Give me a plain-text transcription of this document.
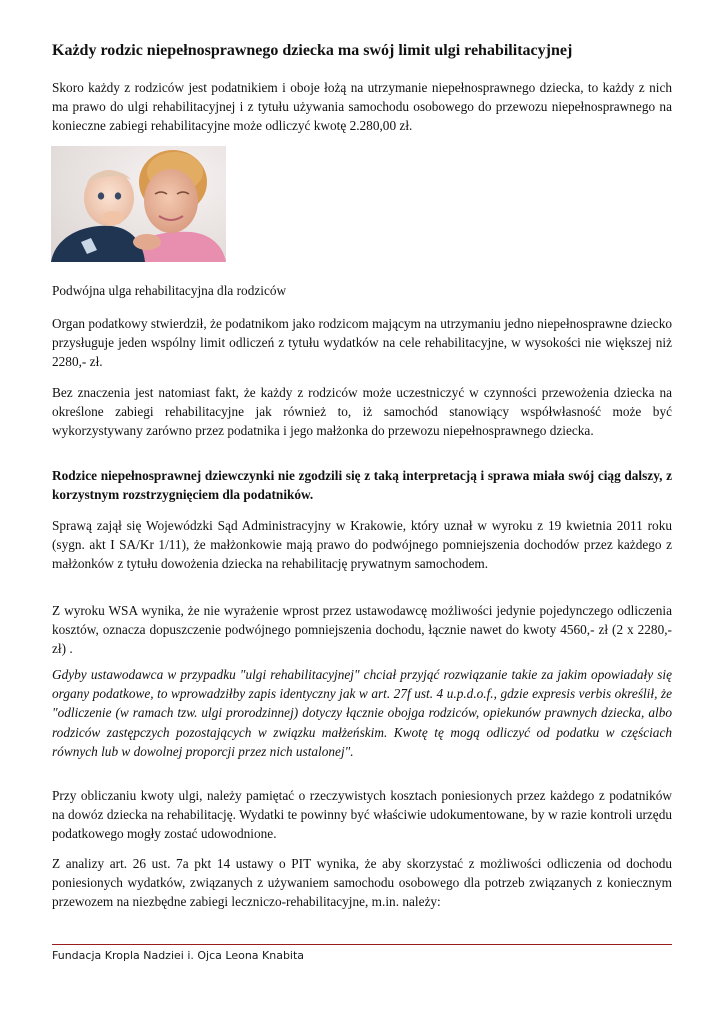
Każdy rodzic niepełnosprawnego dziecka ma swój limit ulgi rehabilitacyjnej

Skoro każdy z rodziców jest podatnikiem i oboje łożą na utrzymanie niepełnosprawnego dziecka, to każdy z nich ma prawo do ulgi rehabilitacyjnej i z tytułu używania samochodu osobowego do przewozu niepełnosprawnego na konieczne zabiegi rehabilitacyjne może odliczyć kwotę 2.280,00 zł.

Podwójna ulga rehabilitacyjna dla rodziców

Organ podatkowy stwierdził, że podatnikom jako rodzicom mającym na utrzymaniu jedno niepełnosprawne dziecko przysługuje jeden wspólny limit odliczeń z tytułu wydatków na cele rehabilitacyjne, w wysokości nie większej niż 2280,- zł.

Bez znaczenia jest natomiast fakt, że każdy z rodziców może uczestniczyć w czynności przewożenia dziecka na określone zabiegi rehabilitacyjne jak również to, iż samochód stanowiący współwłasność może być wykorzystywany zarówno przez podatnika i jego małżonka do przewozu niepełnosprawnego dziecka.

Rodzice niepełnosprawnej dziewczynki nie zgodzili się z taką interpretacją i sprawa miała swój ciąg dalszy, z korzystnym rozstrzygnięciem dla podatników.

Sprawą zajął się Wojewódzki Sąd Administracyjny w Krakowie, który uznał w wyroku z 19 kwietnia 2011 roku (sygn. akt I SA/Kr 1/11), że małżonkowie mają prawo do podwójnego pomniejszenia dochodów przez każdego z małżonków z tytułu dowożenia dziecka na rehabilitację prywatnym samochodem.

Z wyroku WSA wynika, że nie wyrażenie wprost przez ustawodawcę możliwości jedynie pojedynczego odliczenia kosztów, oznacza dopuszczenie podwójnego pomniejszenia dochodu, łącznie nawet do kwoty 4560,- zł (2 x 2280,- zł) .

Gdyby ustawodawca w przypadku "ulgi rehabilitacyjnej" chciał przyjąć rozwiązanie takie za jakim opowiadały się organy podatkowe, to wprowadziłby zapis identyczny jak w art. 27f ust. 4 u.p.d.o.f., gdzie expresis verbis określił, że "odliczenie (w ramach tzw. ulgi prorodzinnej) dotyczy łącznie obojga rodziców, opiekunów prawnych dziecka, albo rodziców zastępczych pozostających w związku małżeńskim. Kwotę tę mogą odliczyć od podatku w częściach równych lub w dowolnej proporcji przez nich ustalonej".

Przy obliczaniu kwoty ulgi, należy pamiętać o rzeczywistych kosztach poniesionych przez każdego z podatników na dowóz dziecka na rehabilitację. Wydatki te powinny być właściwie udokumentowane, by w razie kontroli urzędu podatkowego mogły zostać udowodnione.

Z analizy art. 26 ust. 7a pkt 14 ustawy o PIT wynika, że aby skorzystać z możliwości odliczenia od dochodu poniesionych wydatków, związanych z używaniem samochodu osobowego dla potrzeb związanych z koniecznym przewozem na niezbędne zabiegi leczniczo-rehabilitacyjne, m.in. należy:

Fundacja Kropla Nadziei i. Ojca Leona Knabita
